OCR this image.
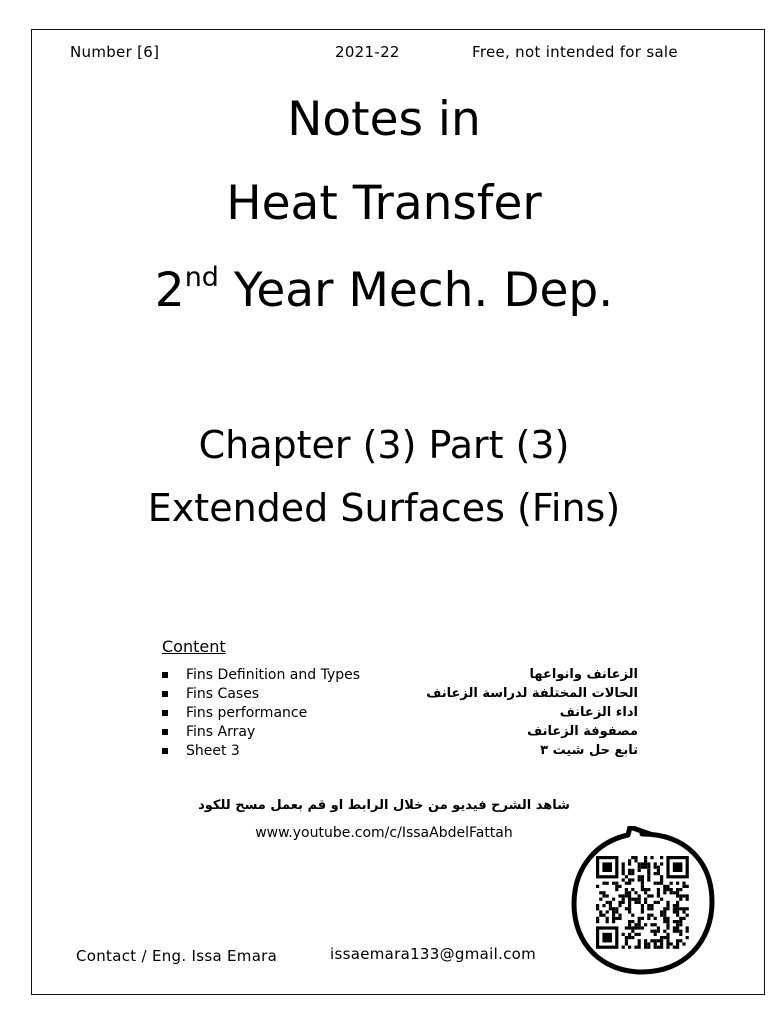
Number [6]	2021-22	Free, not intended for sale
Notes in
Heat Transfer
2nd Year Mech. Dep.
Chapter (3) Part (3)
Extended Surfaces (Fins)
Content
Fins Definition and Types	الزعانف وانواعها
Fins Cases	الحالات المختلفة لدراسة الزعانف
Fins performance	اداء الزعانف
Fins Array	مصفوفة الزعانف
Sheet 3	تابع حل شيت ٣
شاهد الشرح فيديو من خلال الرابط او قم بعمل مسح للكود
www.youtube.com/c/IssaAbdelFattah
Contact / Eng. Issa Emara	issaemara133@gmail.com
